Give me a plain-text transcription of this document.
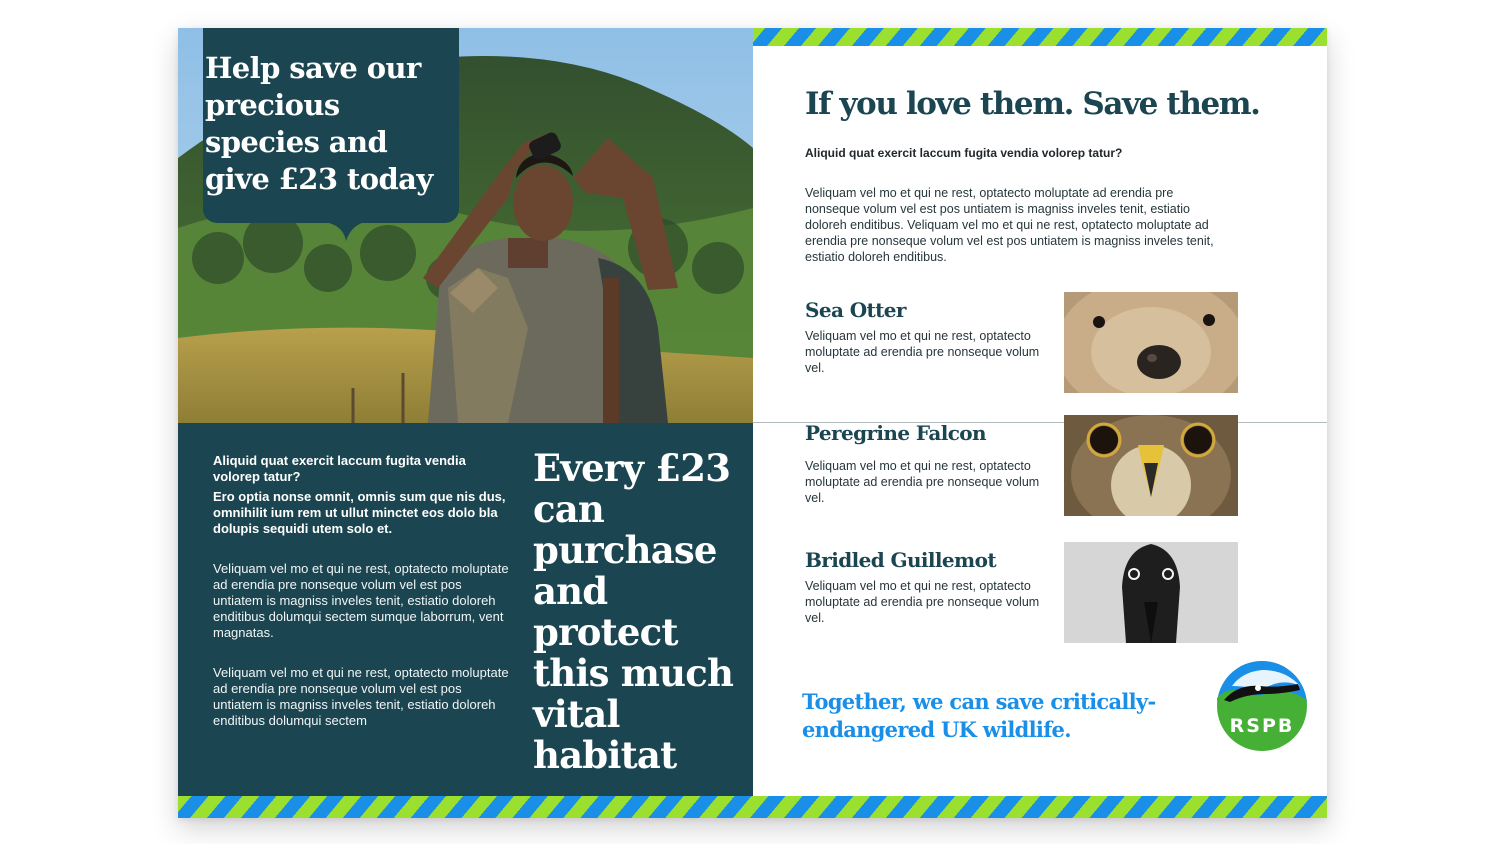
Help save our precious species and give £23 today

Aliquid quat exercit laccum fugita vendia volorep tatur?

Ero optia nonse omnit, omnis sum que nis dus, omnihilit ium rem ut ullut minctet eos dolo bla dolupis sequidi utem solo et.

Veliquam vel mo et qui ne rest, optatecto moluptate ad erendia pre nonseque volum vel est pos untiatem is magniss inveles tenit, estiatio doloreh enditibus dolumqui sectem sumque laborrum, vent magnatas.

Veliquam vel mo et qui ne rest, optatecto moluptate ad erendia pre nonseque volum vel est pos untiatem is magniss inveles tenit, estiatio doloreh enditibus dolumqui sectem

Every £23 can purchase and protect this much vital habitat
If you love them. Save them.

Aliquid quat exercit laccum fugita vendia volorep tatur?

Veliquam vel mo et qui ne rest, optatecto moluptate ad erendia pre nonseque volum vel est pos untiatem is magniss inveles tenit, estiatio doloreh enditibus. Veliquam vel mo et qui ne rest, optatecto moluptate ad erendia pre nonseque volum vel est pos untiatem is magniss inveles tenit, estiatio doloreh enditibus.

Sea Otter
Veliquam vel mo et qui ne rest, optatecto moluptate ad erendia pre nonseque volum vel.
Peregrine Falcon
Veliquam vel mo et qui ne rest, optatecto moluptate ad erendia pre nonseque volum vel.
Bridled Guillemot
Veliquam vel mo et qui ne rest, optatecto moluptate ad erendia pre nonseque volum vel.
Together, we can save critically-endangered UK wildlife.	RSPB
